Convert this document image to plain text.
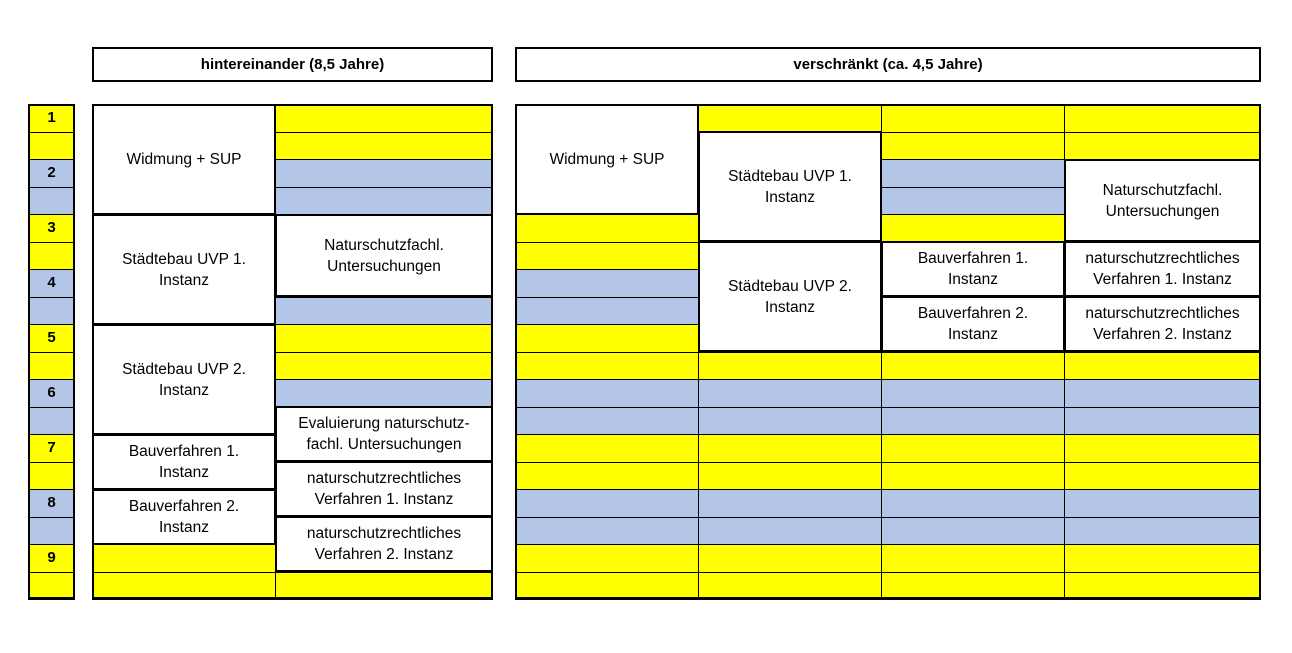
hintereinander (8,5 Jahre)	verschränkt (ca. 4,5 Jahre)
1
2
3
4
5
6
7
8
9
Widmung + SUP
Städtebau UVP 1. Instanz
Städtebau UVP 2. Instanz
Bauverfahren 1. Instanz
Bauverfahren 2. Instanz
Naturschutzfachl. Untersuchungen
Evaluierung naturschutz-fachl. Untersuchungen
naturschutzrechtliches Verfahren 1. Instanz
naturschutzrechtliches Verfahren 2. Instanz
Widmung + SUP
Städtebau UVP 1. Instanz
Städtebau UVP 2. Instanz
Naturschutzfachl. Untersuchungen
Bauverfahren 1. Instanz
Bauverfahren 2. Instanz
naturschutzrechtliches Verfahren 1. Instanz
naturschutzrechtliches Verfahren 2. Instanz
